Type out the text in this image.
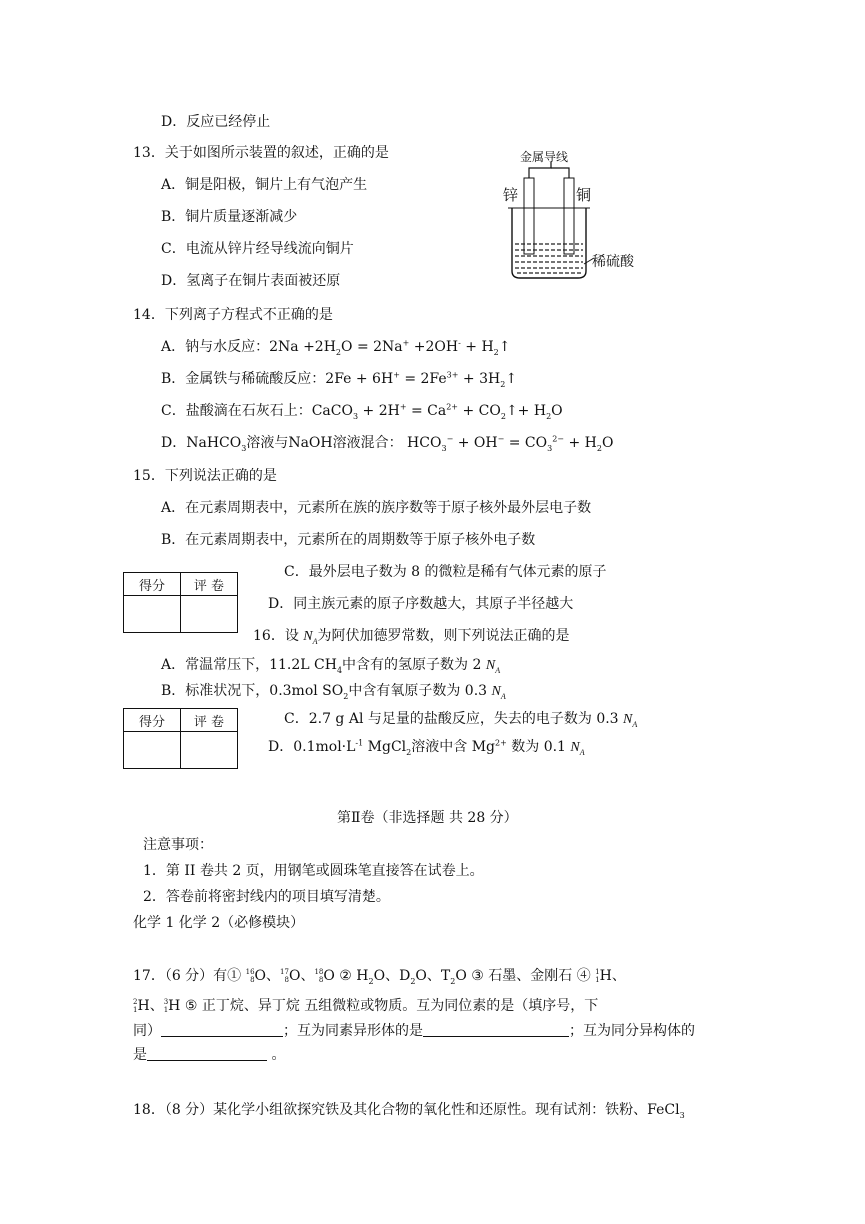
D．反应已经停止
13．关于如图所示装置的叙述，正确的是
A．铜是阳极，铜片上有气泡产生
B．铜片质量逐渐减少
C．电流从锌片经导线流向铜片
D．氢离子在铜片表面被还原
金属导线
锌	铜
稀硫酸
14．下列离子方程式不正确的是
A．钠与水反应：$2Na +2H_2O = 2Na^+ +2OH^-$ + $H_2↑$
B．金属铁与稀硫酸反应：$2Fe + 6H^+ = 2Fe^{3+}$ + $3H_2↑$
C．盐酸滴在石灰石上：CaCO$_3$ + $2H^+ = Ca^{2+}$ + $CO_2↑+ H_2O$
D．NaHCO$_3$溶液与NaOH溶液混合： $HCO_3^- + OH^- = CO_3^{2-} + H_2O$
15．下列说法正确的是
A．在元素周期表中，元素所在族的族序数等于原子核外最外层电子数
B．在元素周期表中，元素所在的周期数等于原子核外电子数
C．最外层电子数为 8 的微粒是稀有气体元素的原子
D．同主族元素的原子序数越大，其原子半径越大
得分	评 卷

得分	评 卷

16．设 $N_A$为阿伏加德罗常数，则下列说法正确的是
A．常温常压下，11.2L $CH_4$中含有的氢原子数为 2 $N_A$
B．标准状况下，0.3mol $SO_2$中含有氧原子数为 0.3 $N_A$
C．2.7 g Al 与足量的盐酸反应，失去的电子数为 0.3 $N_A$
D．$0.1mol\cdot L^{-1}$ MgCl$_2$溶液中含 $Mg^{2+}$ 数为 0.1 $N_A$
第Ⅱ卷（非选择题 共 28 分）
注意事项：
1．第 II 卷共 2 页，用钢笔或圆珠笔直接答在试卷上。
2．答卷前将密封线内的项目填写清楚。
化学 1 化学 2（必修模块）
17．（6 分）有① 16
8O、17
8O、18
8O ② $H_2O$、$D_2O$、$T_2O$ ③ 石墨、金刚石 ④ 1
1H、
2
1H、3
1H ⑤ 正丁烷、异丁烷 五组微粒或物质。互为同位素的是（填序号，下
同）	；互为同素异形体的是	；互为同分异构体的
是	。
18．（8 分）某化学小组欲探究铁及其化合物的氧化性和还原性。现有试剂：铁粉、FeCl$_3$
